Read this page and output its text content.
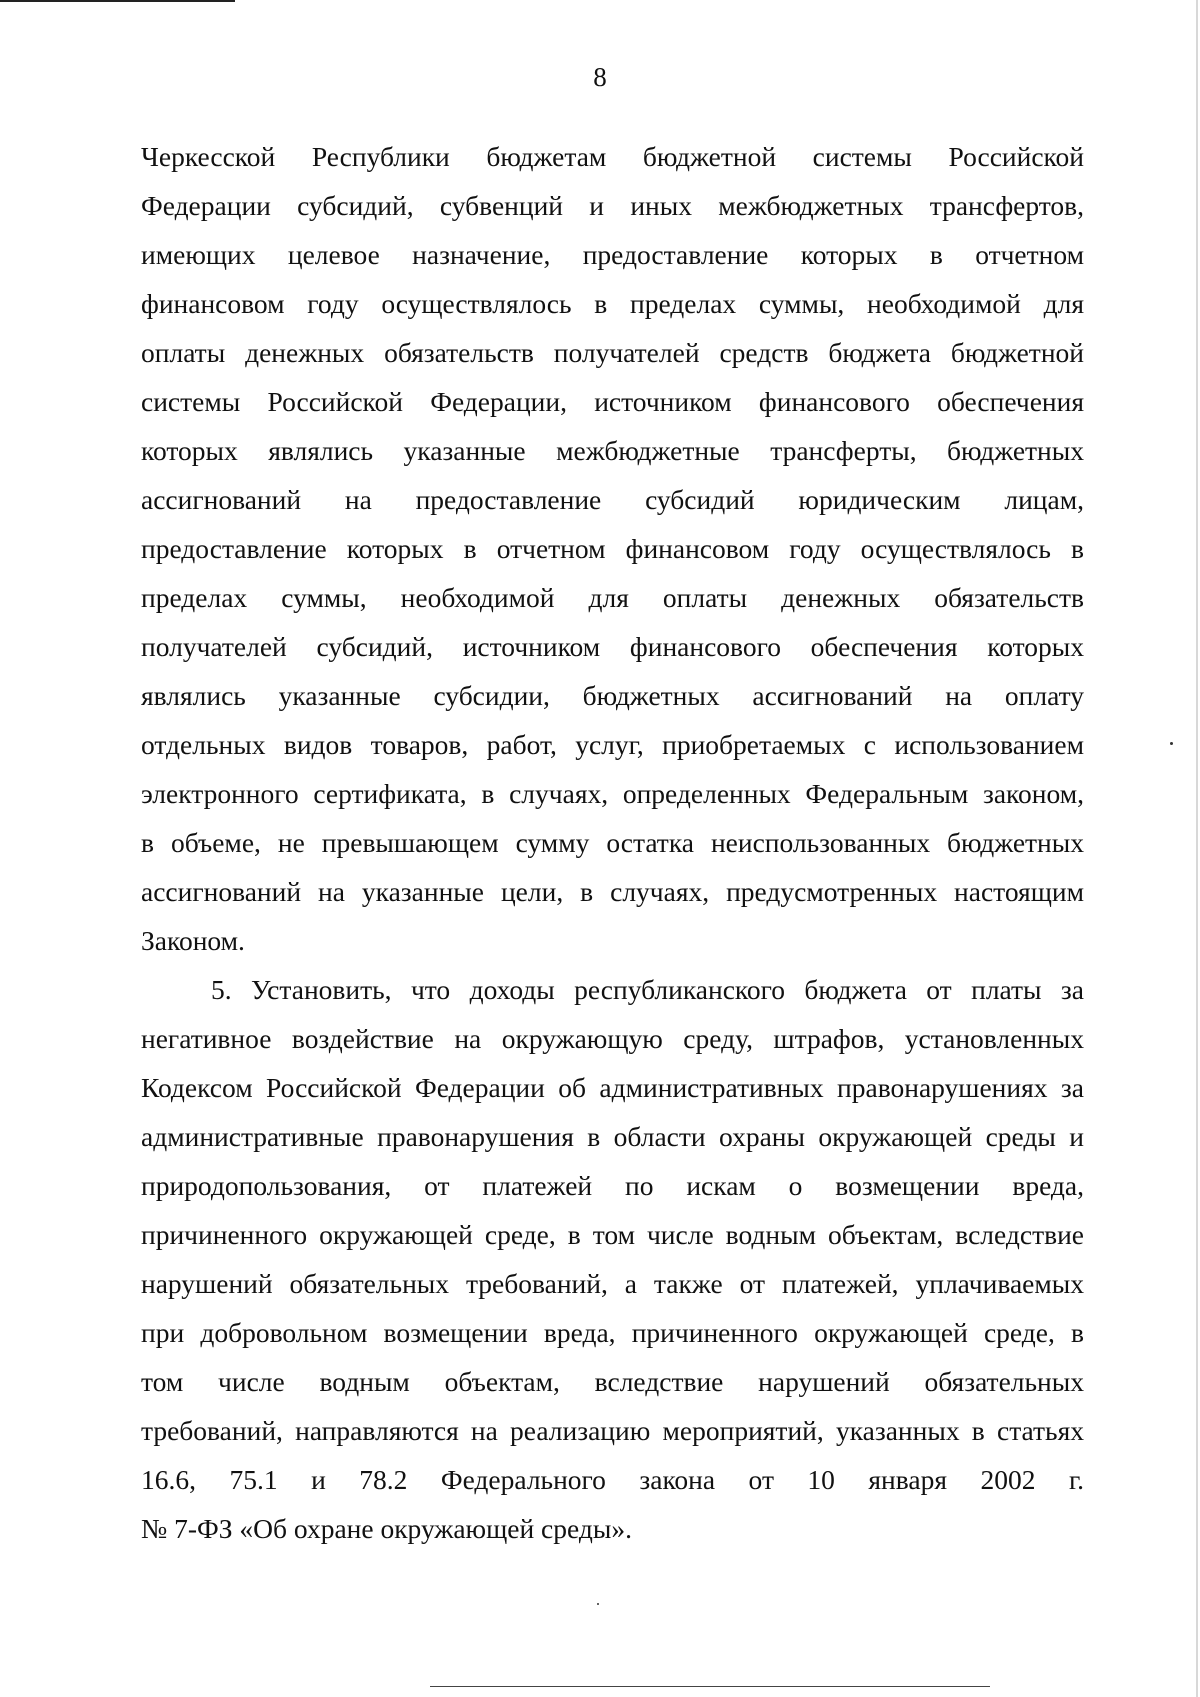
8
Черкесской Республики бюджетам бюджетной системы Российской
Федерации субсидий, субвенций и иных межбюджетных трансфертов,
имеющих целевое назначение, предоставление которых в отчетном
финансовом году осуществлялось в пределах суммы, необходимой для
оплаты денежных обязательств получателей средств бюджета бюджетной
системы Российской Федерации, источником финансового обеспечения
которых являлись указанные межбюджетные трансферты, бюджетных
ассигнований на предоставление субсидий юридическим лицам,
предоставление которых в отчетном финансовом году осуществлялось в
пределах суммы, необходимой для оплаты денежных обязательств
получателей субсидий, источником финансового обеспечения которых
являлись указанные субсидии, бюджетных ассигнований на оплату
отдельных видов товаров, работ, услуг, приобретаемых с использованием
электронного сертификата, в случаях, определенных Федеральным законом,
в объеме, не превышающем сумму остатка неиспользованных бюджетных
ассигнований на указанные цели, в случаях, предусмотренных настоящим
Законом.
5. Установить, что доходы республиканского бюджета от платы за
негативное воздействие на окружающую среду, штрафов, установленных
Кодексом Российской Федерации об административных правонарушениях за
административные правонарушения в области охраны окружающей среды и
природопользования, от платежей по искам о возмещении вреда,
причиненного окружающей среде, в том числе водным объектам, вследствие
нарушений обязательных требований, а также от платежей, уплачиваемых
при добровольном возмещении вреда, причиненного окружающей среде, в
том числе водным объектам, вследствие нарушений обязательных
требований, направляются на реализацию мероприятий, указанных в статьях
16.6, 75.1 и 78.2 Федерального закона от 10 января 2002 г.
№ 7-ФЗ «Об охране окружающей среды».
